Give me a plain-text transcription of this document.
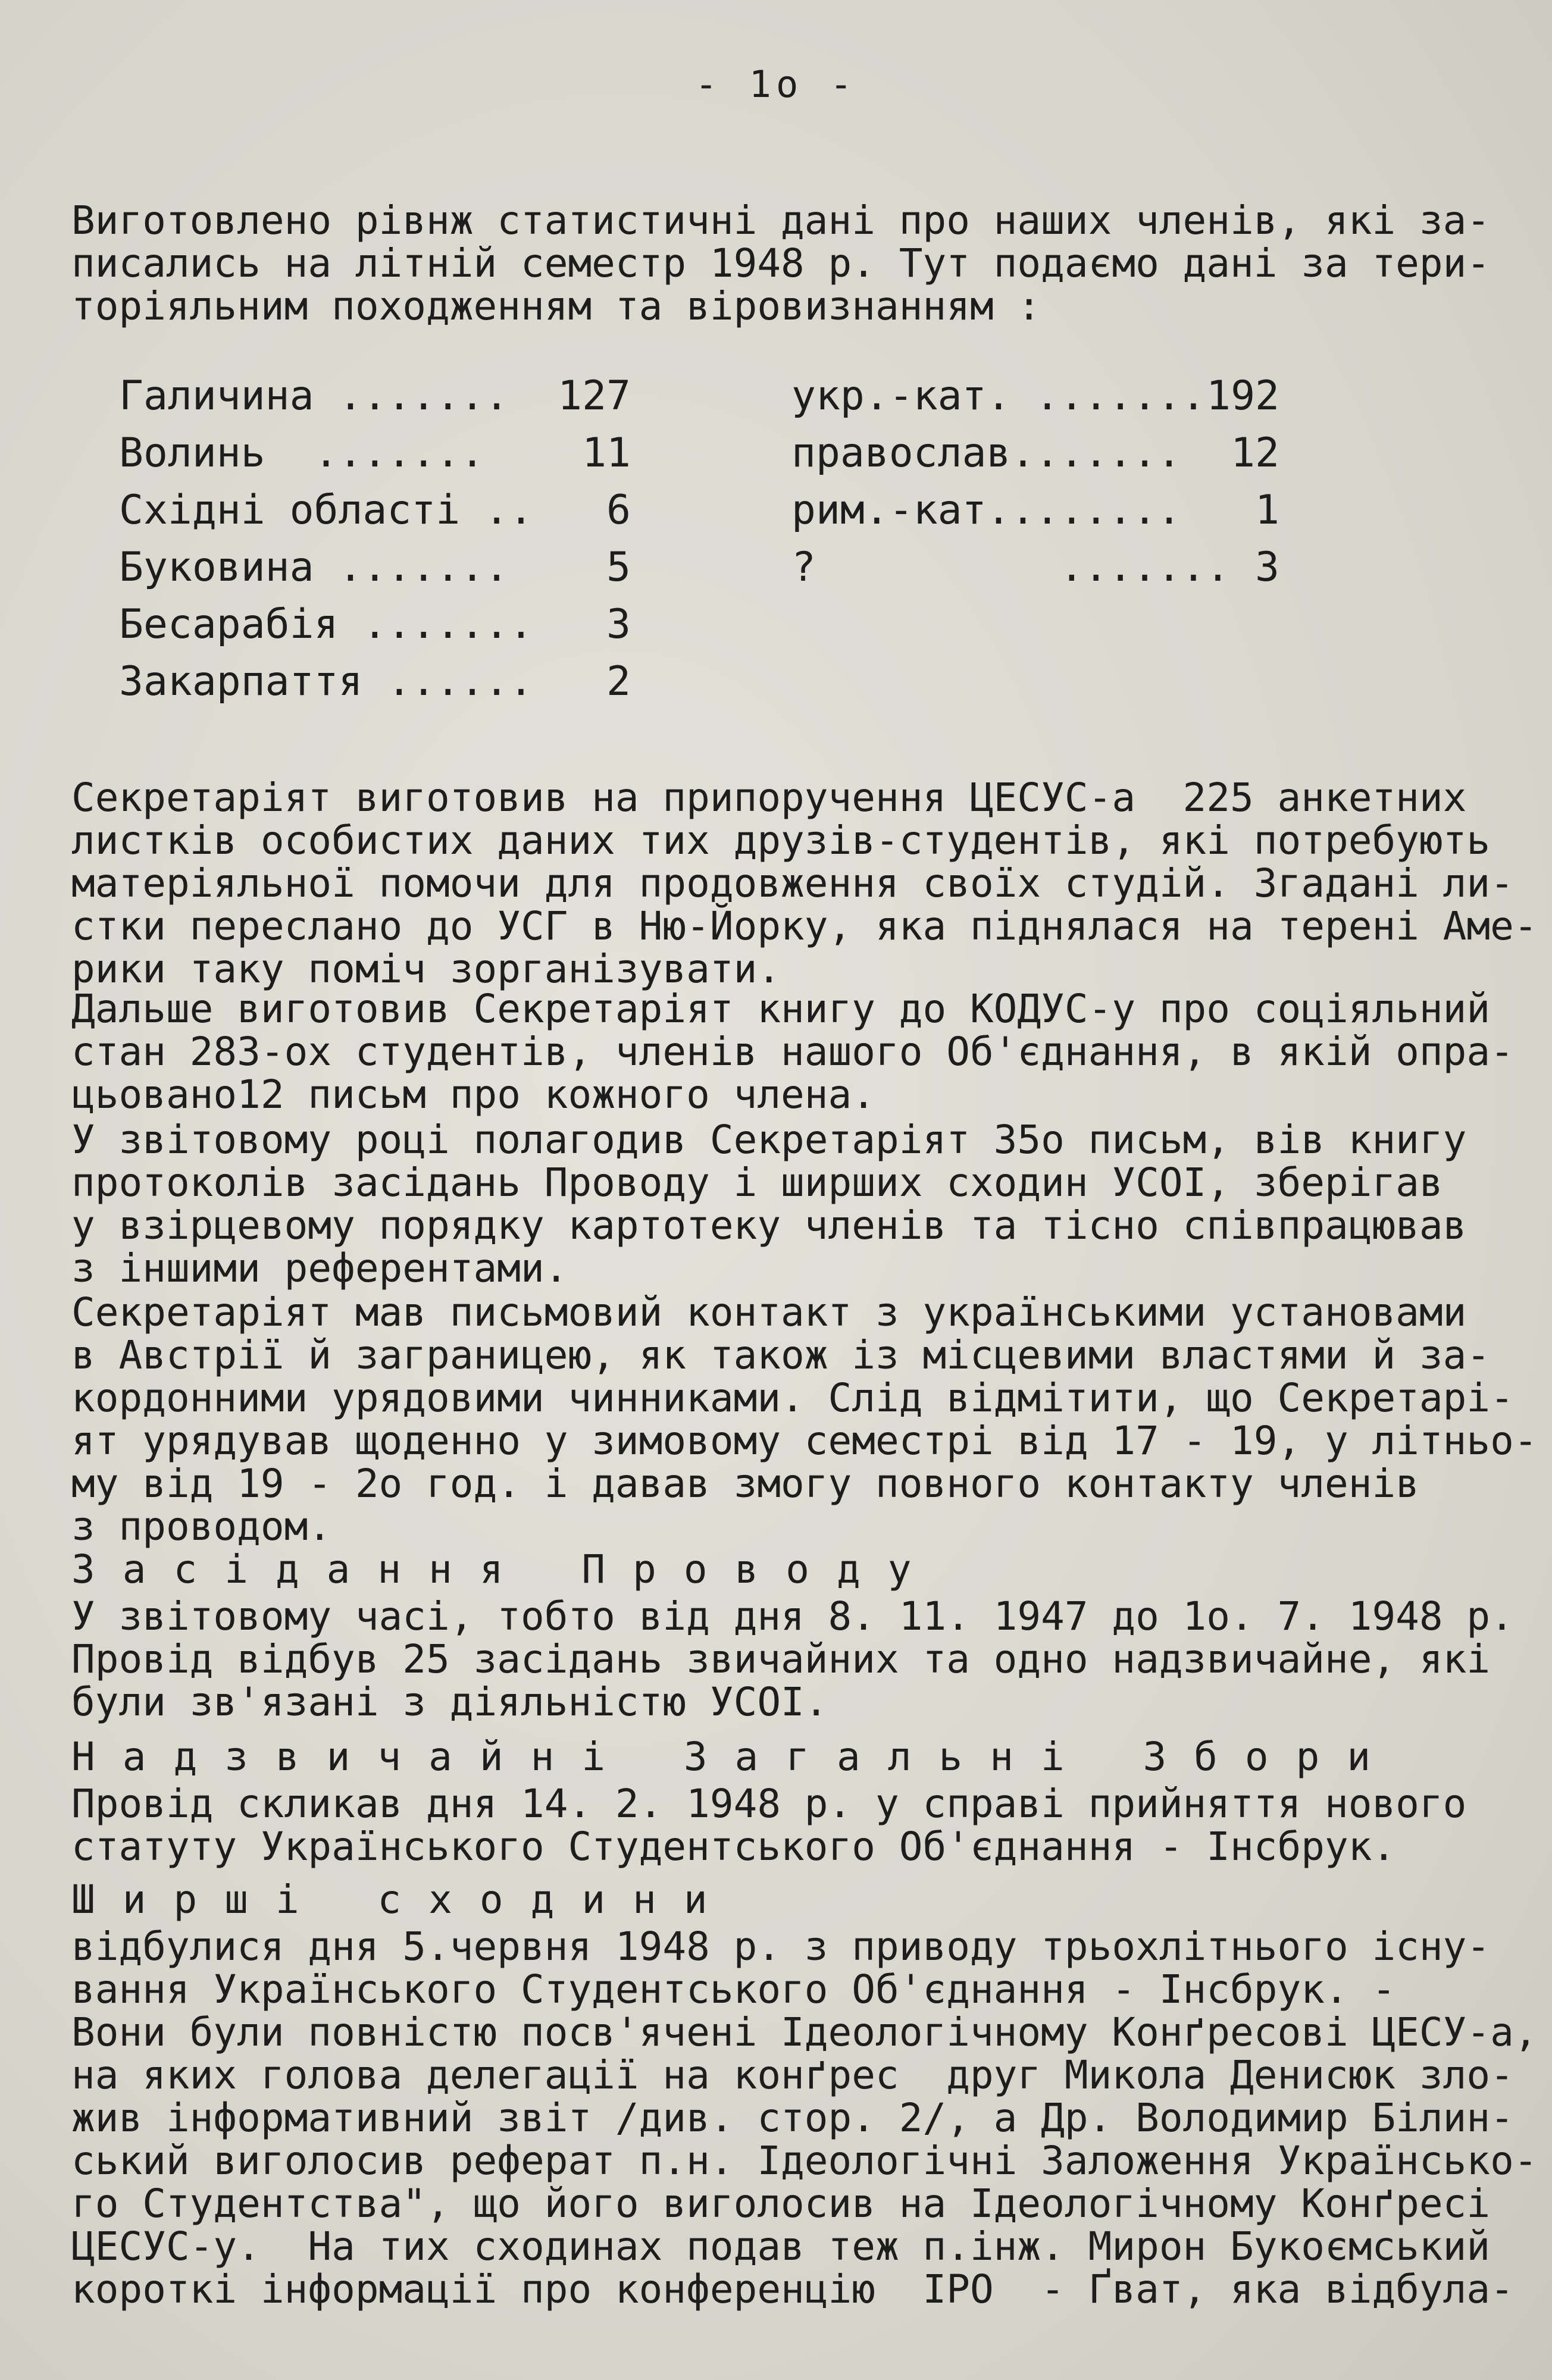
- 1о -
Виготовлено рівнж статистичні дані про наших членів, які за-
писались на літній семестр 1948 р. Тут подаємо дані за тери-
торіяльним походженням та віровизнанням :
Галичина ....... 127
Волинь  ....... 11
Східні області .. 6
Буковина ....... 5
Бесарабія ....... 3
Закарпаття ...... 2
укр.-кат. ....... 192
православ....... 12
рим.-кат........ 1
?          ....... 3
Секретаріят виготовив на припоручення ЦЕСУС-а  225 анкетних
листків особистих даних тих друзів-студентів, які потребують
матеріяльної помочи для продовження своїх студій. Згадані ли-
стки переслано до УСГ в Ню-Йорку, яка піднялася на терені Аме-
рики таку поміч зорганізувати.
Дальше виготовив Секретаріят книгу до КОДУС-у про соціяльний
стан 283-ох студентів, членів нашого Об'єднання, в якій опра-
цьовано12 письм про кожного члена.
У звітовому році полагодив Секретаріят 35о письм, вів книгу
протоколів засідань Проводу і ширших сходин УСОІ, зберігав
у взірцевому порядку картотеку членів та тісно співпрацював
з іншими референтами.
Секретаріят мав письмовий контакт з українськими установами
в Австрії й заграницею, як також із місцевими властями й за-
кордонними урядовими чинниками. Слід відмітити, що Секретарі-
ят урядував щоденно у зимовому семестрі від 17 - 19, у літньо-
му від 19 - 2о год. і давав змогу повного контакту членів
з проводом.
Засідання Проводу
У звітовому часі, тобто від дня 8. 11. 1947 до 1о. 7. 1948 р.
Провід відбув 25 засідань звичайних та одно надзвичайне, які
були зв'язані з діяльністю УСОІ.
Надзвичайні Загальні Збори
Провід скликав дня 14. 2. 1948 р. у справі прийняття нового
статуту Українського Студентського Об'єднання - Інсбрук.
Ширші сходини
відбулися дня 5.червня 1948 р. з приводу трьохлітнього існу-
вання Українського Студентського Об'єднання - Інсбрук. -
Вони були повністю посв'ячені Ідеологічному Конґресові ЦЕСУ-а,
на яких голова делегації на конґрес  друг Микола Денисюк зло-
жив інформативний звіт /див. стор. 2/, а Др. Володимир Білин-
ський виголосив реферат п.н. Ідеологічні Заложення Українсько-
го Студентства", що його виголосив на Ідеологічному Конґресі
ЦЕСУС-у.  На тих сходинах подав теж п.інж. Мирон Букоємський
короткі інформації про конференцію  ІРО  - Ґват, яка відбула-
